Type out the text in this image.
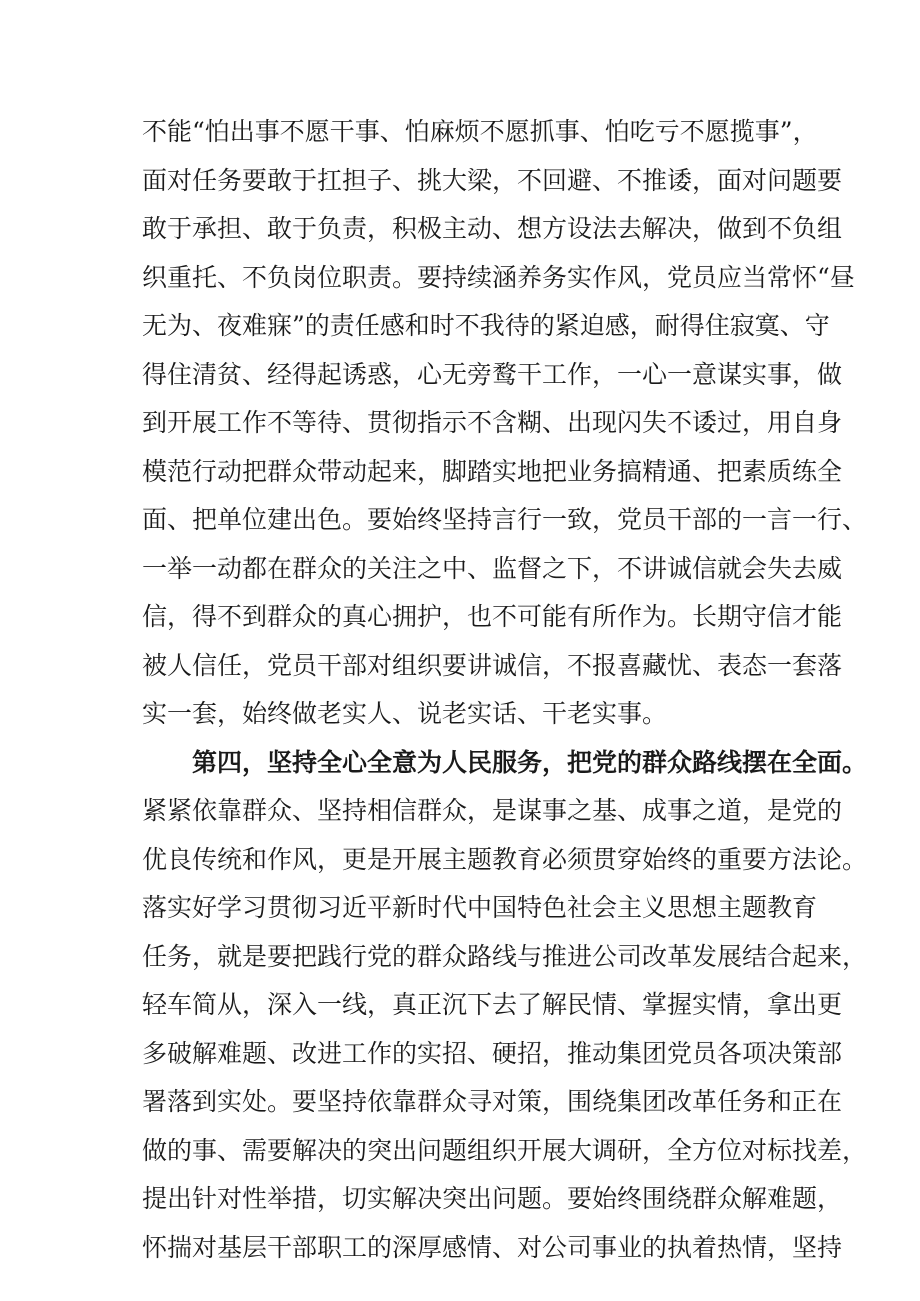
不能“怕出事不愿干事、怕麻烦不愿抓事、怕吃亏不愿揽事”，
面对任务要敢于扛担子、挑大梁，不回避、不推诿，面对问题要
敢于承担、敢于负责，积极主动、想方设法去解决，做到不负组
织重托、不负岗位职责。要持续涵养务实作风，党员应当常怀“昼
无为、夜难寐”的责任感和时不我待的紧迫感，耐得住寂寞、守
得住清贫、经得起诱惑，心无旁鹜干工作，一心一意谋实事，做
到开展工作不等待、贯彻指示不含糊、出现闪失不诿过，用自身
模范行动把群众带动起来，脚踏实地把业务搞精通、把素质练全
面、把单位建出色。要始终坚持言行一致，党员干部的一言一行、
一举一动都在群众的关注之中、监督之下，不讲诚信就会失去威
信，得不到群众的真心拥护，也不可能有所作为。长期守信才能
被人信任，党员干部对组织要讲诚信，不报喜藏忧、表态一套落
实一套，始终做老实人、说老实话、干老实事。
第四，坚持全心全意为人民服务，把党的群众路线摆在全面。
紧紧依靠群众、坚持相信群众，是谋事之基、成事之道，是党的
优良传统和作风，更是开展主题教育必须贯穿始终的重要方法论。
落实好学习贯彻习近平新时代中国特色社会主义思想主题教育
任务，就是要把践行党的群众路线与推进公司改革发展结合起来，
轻车简从，深入一线，真正沉下去了解民情、掌握实情，拿出更
多破解难题、改进工作的实招、硬招，推动集团党员各项决策部
署落到实处。要坚持依靠群众寻对策，围绕集团改革任务和正在
做的事、需要解决的突出问题组织开展大调研，全方位对标找差，
提出针对性举措，切实解决突出问题。要始终围绕群众解难题，
怀揣对基层干部职工的深厚感情、对公司事业的执着热情，坚持
